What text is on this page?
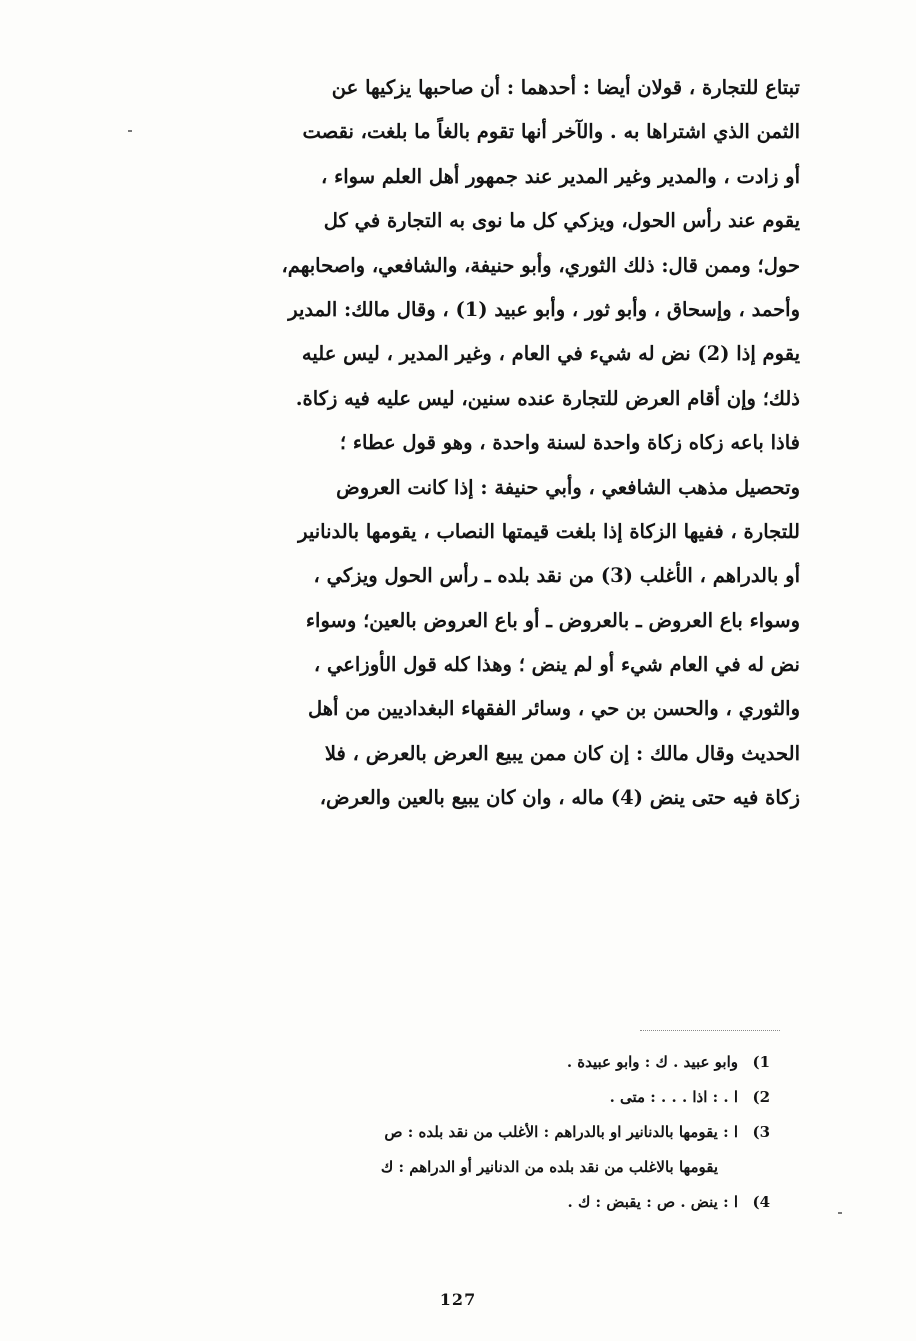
تبتاع للتجارة ، قولان أيضا : أحدهما : أن صاحبها يزكيها عن
الثمن الذي اشتراها به . والآخر أنها تقوم بالغاً ما بلغت، نقصت
أو زادت ، والمدير وغير المدير عند جمهور أهل العلم سواء ،
يقوم عند رأس الحول، ويزكي كل ما نوى به التجارة في كل
حول؛ وممن قال: ذلك الثوري، وأبو حنيفة، والشافعي، واصحابهم،
وأحمد ، وإسحاق ، وأبو ثور ، وأبو عبيد (1) ، وقال مالك: المدير
يقوم إذا (2) نض له شيء في العام ، وغير المدير ، ليس عليه
ذلك؛ وإن أقام العرض للتجارة عنده سنين، ليس عليه فيه زكاة.
فاذا باعه زكاه زكاة واحدة لسنة واحدة ، وهو قول عطاء ؛
وتحصيل مذهب الشافعي ، وأبي حنيفة : إذا كانت العروض
للتجارة ، ففيها الزكاة إذا بلغت قيمتها النصاب ، يقومها بالدنانير
أو بالدراهم ، الأغلب (3) من نقد بلده ـ رأس الحول ويزكي ،
وسواء باع العروض ـ بالعروض ـ أو باع العروض بالعين؛ وسواء
نض له في العام شيء أو لم ينض ؛ وهذا كله قول الأوزاعي ،
والثوري ، والحسن بن حي ، وسائر الفقهاء البغداديين من أهل
الحديث وقال مالك : إن كان ممن يبيع العرض بالعرض ، فلا
زكاة فيه حتى ينض (4) ماله ، وان كان يبيع بالعين والعرض،
1)وابو عبيد . ك : وابو عبيدة .
2)ا . : اذا . . . : متى .
3)ا : يقومها بالدنانير او بالدراهم : الأغلب من نقد بلده : ص
يقومها بالاغلب من نقد بلده من الدنانير أو الدراهم : ك
4)ا : ينض . ص : يقبض : ك .
127
